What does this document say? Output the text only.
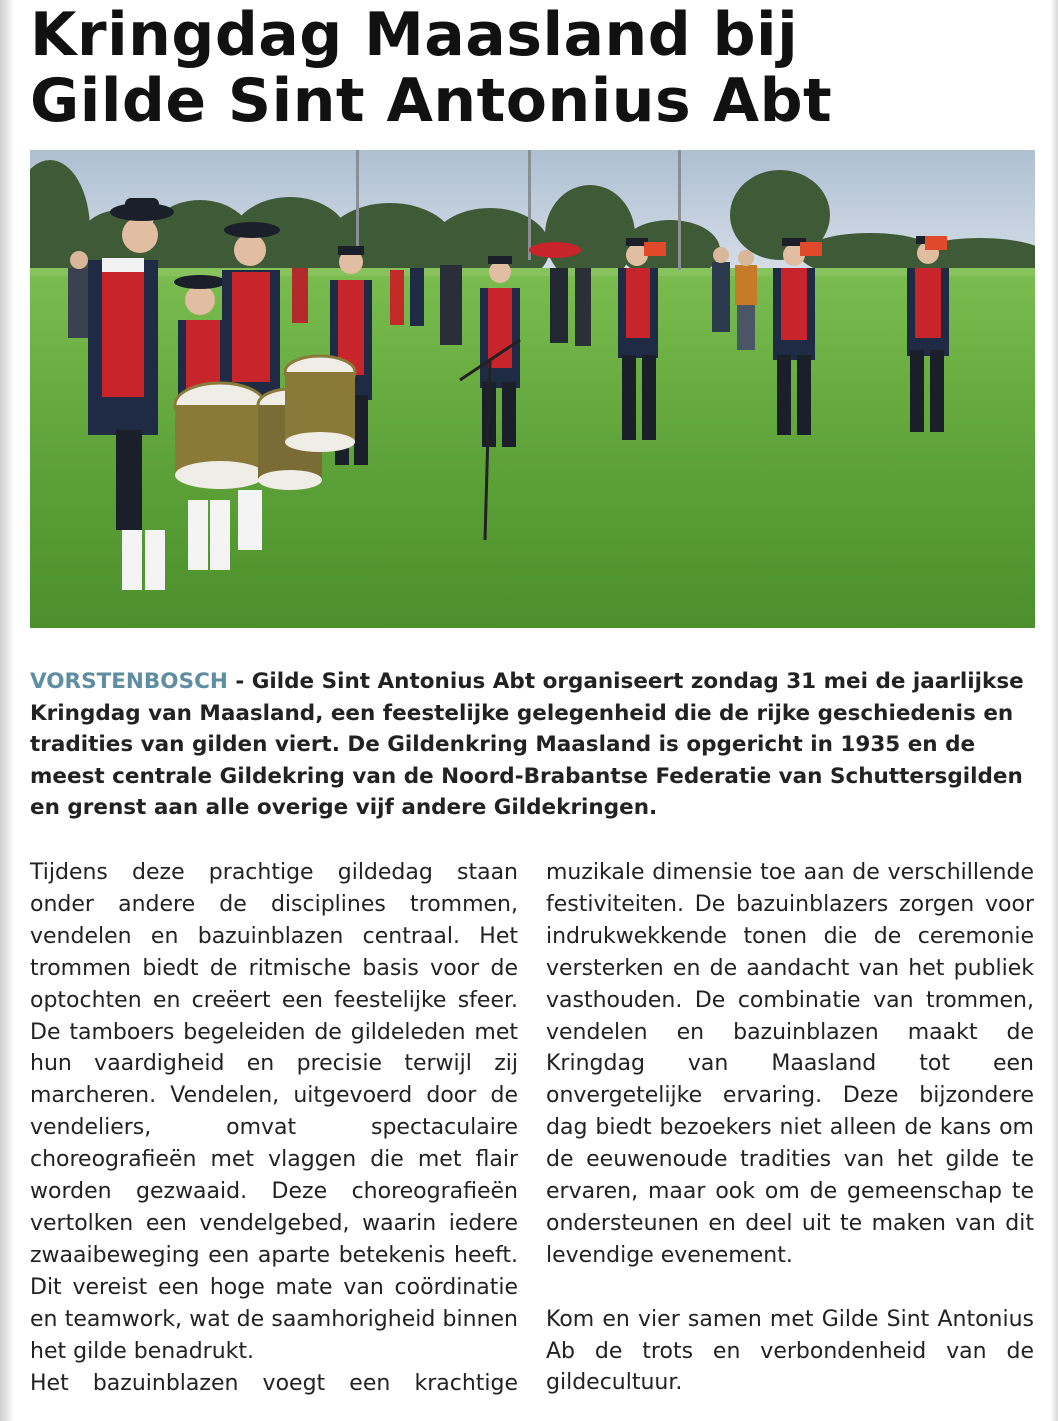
Kringdag Maasland bij
Gilde Sint Antonius Abt

VORSTENBOSCH - Gilde Sint Antonius Abt organiseert zondag 31 mei de jaarlijkse Kringdag van Maasland, een feestelijke gelegenheid die de rijke geschiedenis en tradities van gilden viert. De Gildenkring Maasland is opgericht in 1935 en de meest centrale Gildekring van de Noord-Brabantse Federatie van Schuttersgilden en grenst aan alle overige vijf andere Gildekringen.

Tijdens deze prachtige gildedag staan onder andere de disciplines trommen, vendelen en bazuinblazen centraal. Het trommen biedt de ritmische basis voor de optochten en creëert een feestelijke sfeer. De tamboers begeleiden de gildeleden met hun vaardigheid en precisie terwijl zij marcheren. Vendelen, uitgevoerd door de vendeliers, omvat spectaculaire choreografieën met vlaggen die met flair worden gezwaaid. Deze choreografieën vertolken een vendelgebed, waarin iedere zwaaibeweging een aparte betekenis heeft. Dit vereist een hoge mate van coördinatie en teamwork, wat de saamhorigheid binnen het gilde benadrukt.

Het bazuinblazen voegt een krachtige

muzikale dimensie toe aan de verschillende festiviteiten. De bazuinblazers zorgen voor indrukwekkende tonen die de ceremonie versterken en de aandacht van het publiek vasthouden. De combinatie van trommen, vendelen en bazuinblazen maakt de Kringdag van Maasland tot een onvergetelijke ervaring. Deze bijzondere dag biedt bezoekers niet alleen de kans om de eeuwenoude tradities van het gilde te ervaren, maar ook om de gemeenschap te ondersteunen en deel uit te maken van dit levendige evenement.

Kom en vier samen met Gilde Sint Antonius Ab de trots en verbondenheid van de gildecultuur.
